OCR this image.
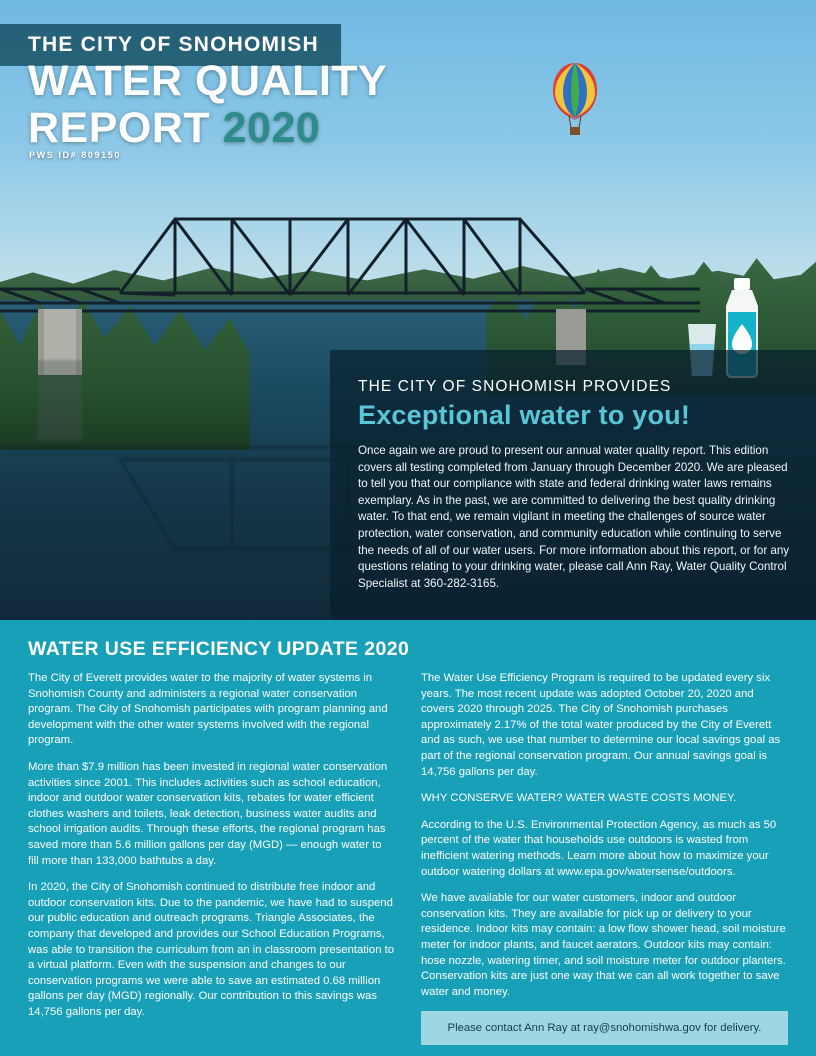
THE CITY OF SNOHOMISH
WATER QUALITY
REPORT 2020
PWS ID# 809150
THE CITY OF SNOHOMISH PROVIDES
Exceptional water to you!
Once again we are proud to present our annual water quality report. This edition covers all testing completed from January through December 2020. We are pleased to tell you that our compliance with state and federal drinking water laws remains exemplary. As in the past, we are committed to delivering the best quality drinking water. To that end, we remain vigilant in meeting the challenges of source water protection, water conservation, and community education while continuing to serve the needs of all of our water users. For more information about this report, or for any questions relating to your drinking water, please call Ann Ray, Water Quality Control Specialist at 360-282-3165.
WATER USE EFFICIENCY UPDATE 2020

The City of Everett provides water to the majority of water systems in Snohomish County and administers a regional water conservation program. The City of Snohomish participates with program planning and development with the other water systems involved with the regional program.

More than $7.9 million has been invested in regional water conservation activities since 2001. This includes activities such as school education, indoor and outdoor water conservation kits, rebates for water efficient clothes washers and toilets, leak detection, business water audits and school irrigation audits. Through these efforts, the regional program has saved more than 5.6 million gallons per day (MGD) — enough water to fill more than 133,000 bathtubs a day.

In 2020, the City of Snohomish continued to distribute free indoor and outdoor conservation kits. Due to the pandemic, we have had to suspend our public education and outreach programs. Triangle Associates, the company that developed and provides our School Education Programs, was able to transition the curriculum from an in classroom presentation to a virtual platform. Even with the suspension and changes to our conservation programs we were able to save an estimated 0.68 million gallons per day (MGD) regionally. Our contribution to this savings was 14,756 gallons per day.

The Water Use Efficiency Program is required to be updated every six years. The most recent update was adopted October 20, 2020 and covers 2020 through 2025. The City of Snohomish purchases approximately 2.17% of the total water produced by the City of Everett and as such, we use that number to determine our local savings goal as part of the regional conservation program. Our annual savings goal is 14,756 gallons per day.

WHY CONSERVE WATER? WATER WASTE COSTS MONEY.

According to the U.S. Environmental Protection Agency, as much as 50 percent of the water that households use outdoors is wasted from inefficient watering methods. Learn more about how to maximize your outdoor watering dollars at www.epa.gov/watersense/outdoors.

We have available for our water customers, indoor and outdoor conservation kits. They are available for pick up or delivery to your residence. Indoor kits may contain: a low flow shower head, soil moisture meter for indoor plants, and faucet aerators. Outdoor kits may contain: hose nozzle, watering timer, and soil moisture meter for outdoor planters. Conservation kits are just one way that we can all work together to save water and money.

Please contact Ann Ray at ray@snohomishwa.gov for delivery.
